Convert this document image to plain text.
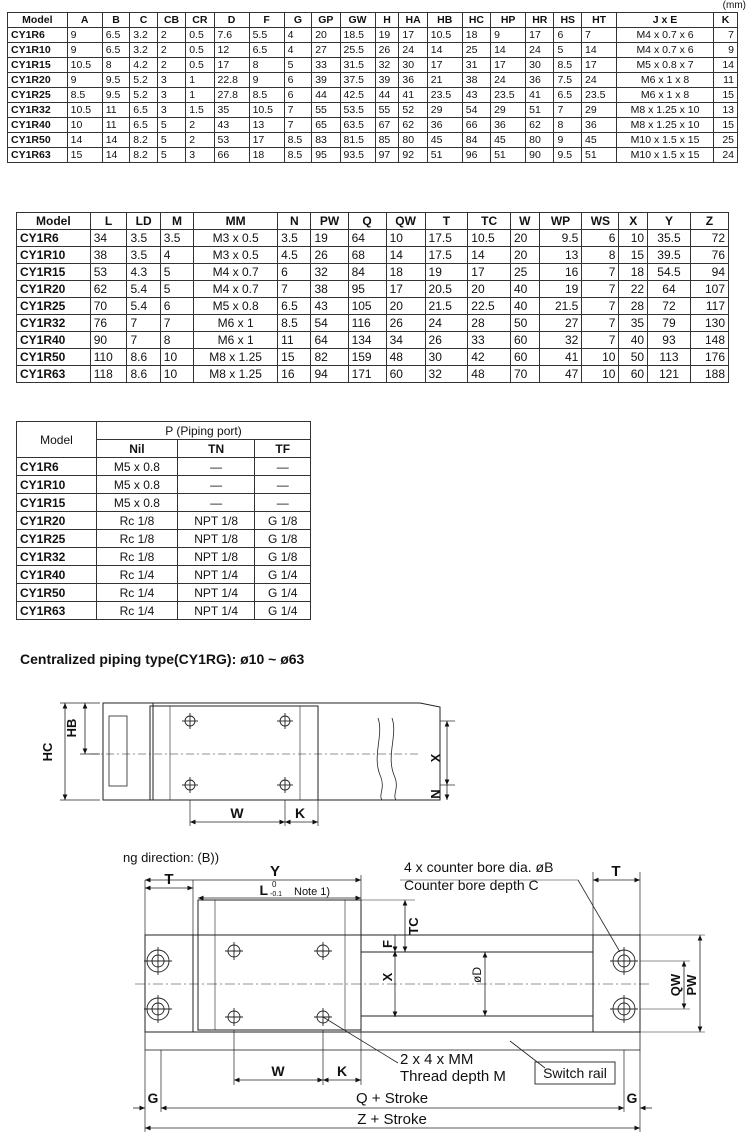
(mm)
Model	A	B	C	CB	CR	D	F	G	GP	GW	H	HA	HB	HC	HP	HR	HS	HT	J x E	K
CY1R6	9	6.5	3.2	2	0.5	7.6	5.5	4	20	18.5	19	17	10.5	18	9	17	6	7	M4 x 0.7 x 6	7
CY1R10	9	6.5	3.2	2	0.5	12	6.5	4	27	25.5	26	24	14	25	14	24	5	14	M4 x 0.7 x 6	9
CY1R15	10.5	8	4.2	2	0.5	17	8	5	33	31.5	32	30	17	31	17	30	8.5	17	M5 x 0.8 x 7	14
CY1R20	9	9.5	5.2	3	1	22.8	9	6	39	37.5	39	36	21	38	24	36	7.5	24	M6 x 1 x 8	11
CY1R25	8.5	9.5	5.2	3	1	27.8	8.5	6	44	42.5	44	41	23.5	43	23.5	41	6.5	23.5	M6 x 1 x 8	15
CY1R32	10.5	11	6.5	3	1.5	35	10.5	7	55	53.5	55	52	29	54	29	51	7	29	M8 x 1.25 x 10	13
CY1R40	10	11	6.5	5	2	43	13	7	65	63.5	67	62	36	66	36	62	8	36	M8 x 1.25 x 10	15
CY1R50	14	14	8.2	5	2	53	17	8.5	83	81.5	85	80	45	84	45	80	9	45	M10 x 1.5 x 15	25
CY1R63	15	14	8.2	5	3	66	18	8.5	95	93.5	97	92	51	96	51	90	9.5	51	M10 x 1.5 x 15	24
Model	L	LD	M	MM	N	PW	Q	QW	T	TC	W	WP	WS	X	Y	Z
CY1R6	34	3.5	3.5	M3 x 0.5	3.5	19	64	10	17.5	10.5	20	9.5	6	10	35.5	72
CY1R10	38	3.5	4	M3 x 0.5	4.5	26	68	14	17.5	14	20	13	8	15	39.5	76
CY1R15	53	4.3	5	M4 x 0.7	6	32	84	18	19	17	25	16	7	18	54.5	94
CY1R20	62	5.4	5	M4 x 0.7	7	38	95	17	20.5	20	40	19	7	22	64	107
CY1R25	70	5.4	6	M5 x 0.8	6.5	43	105	20	21.5	22.5	40	21.5	7	28	72	117
CY1R32	76	7	7	M6 x 1	8.5	54	116	26	24	28	50	27	7	35	79	130
CY1R40	90	7	8	M6 x 1	11	64	134	34	26	33	60	32	7	40	93	148
CY1R50	110	8.6	10	M8 x 1.25	15	82	159	48	30	42	60	41	10	50	113	176
CY1R63	118	8.6	10	M8 x 1.25	16	94	171	60	32	48	70	47	10	60	121	188
Model	P (Piping port)		
	Nil	TN	TF
CY1R6	M5 x 0.8	—	—
CY1R10	M5 x 0.8	—	—
CY1R15	M5 x 0.8	—	—
CY1R20	Rc 1/8	NPT 1/8	G 1/8
CY1R25	Rc 1/8	NPT 1/8	G 1/8
CY1R32	Rc 1/8	NPT 1/8	G 1/8
CY1R40	Rc 1/4	NPT 1/4	G 1/4
CY1R50	Rc 1/4	NPT 1/4	G 1/4
CY1R63	Rc 1/4	NPT 1/4	G 1/4
Centralized piping type(CY1RG): ø10 ~ ø63
HC
HB
X
N
W	K
ng direction: (B))
T	Y
L 0
-0.1 Note 1)
4 x counter bore dia. øB
Counter bore depth C
T
TC
F
X	øD	QW PW
W	K
2 x 4 x MM
Thread depth M	Switch rail
G	G
Q + Stroke
Z + Stroke
